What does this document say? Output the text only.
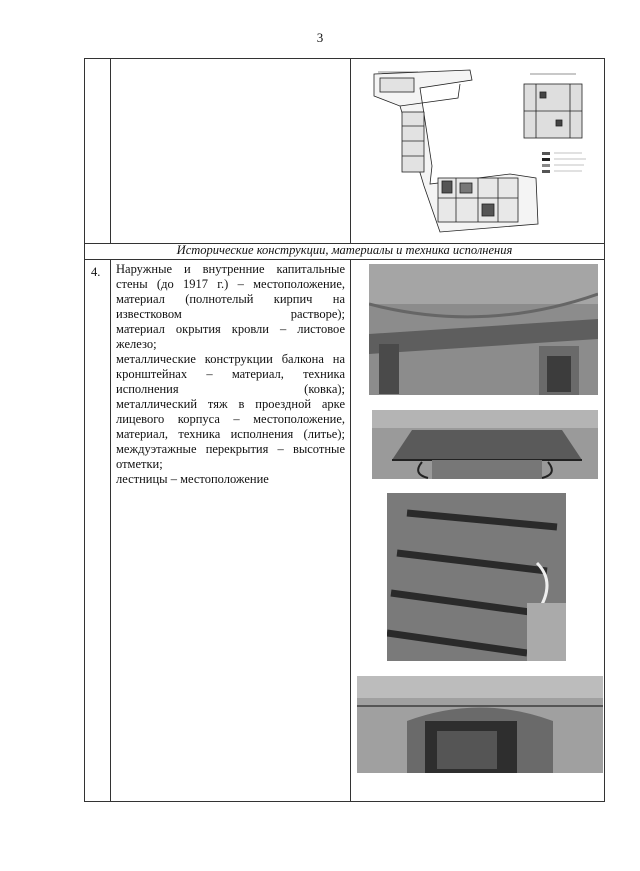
3
Исторические конструкции, материалы и техника исполнения
4. Наружные и внутренние капитальные стены (до 1917 г.) – местоположение, материал (полнотелый кирпич на известковом растворе);

материал окрытия кровли – листовое железо;

металлические конструкции балкона на кронштейнах – материал, техника исполнения (ковка);

металлический тяж в проездной арке лицевого корпуса – местоположение, материал, техника исполнения (литье);

междуэтажные перекрытия – высотные отметки;

лестницы – местоположение
